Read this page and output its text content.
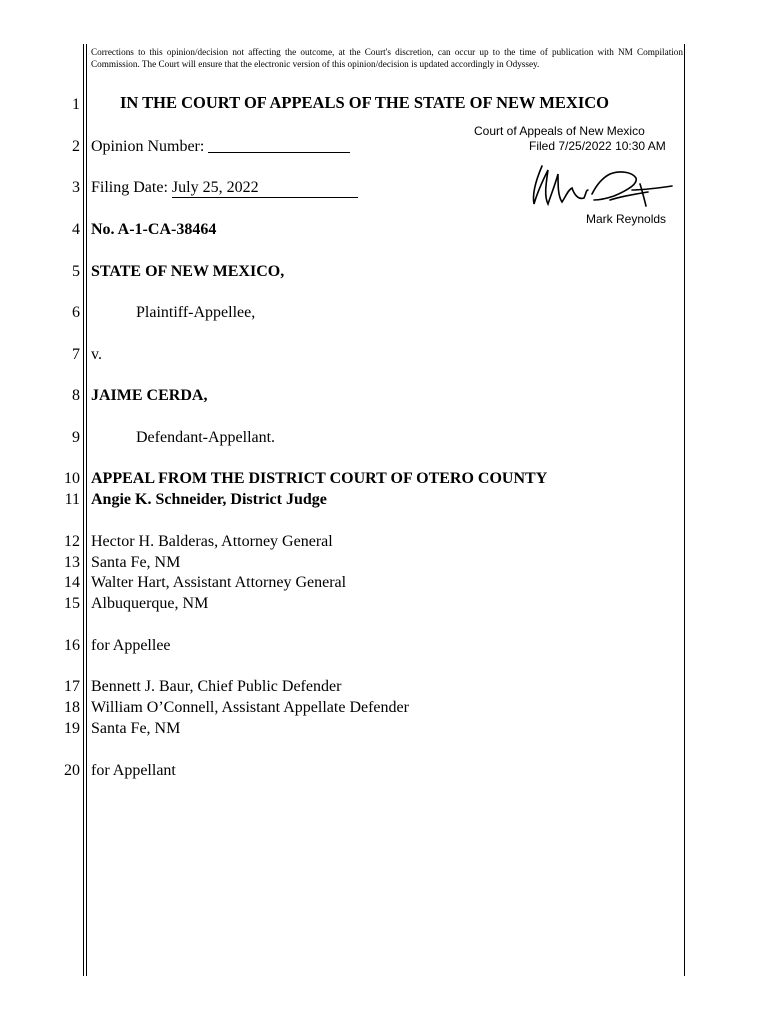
Corrections to this opinion/decision not affecting the outcome, at the Court's discretion, can occur up to the time of publication with NM Compilation Commission. The Court will ensure that the electronic version of this opinion/decision is updated accordingly in Odyssey.
Court of Appeals of New Mexico
Filed 7/25/2022 10:30 AM
Mark Reynolds
1 IN THE COURT OF APPEALS OF THE STATE OF NEW MEXICO
2 Opinion Number:
3 Filing Date: July 25, 2022
4 No. A-1-CA-38464
5 STATE OF NEW MEXICO,
6	Plaintiff-Appellee,
7 v.
8 JAIME CERDA,
9	Defendant-Appellant.
10 APPEAL FROM THE DISTRICT COURT OF OTERO COUNTY
11 Angie K. Schneider, District Judge
12 Hector H. Balderas, Attorney General
13 Santa Fe, NM
14 Walter Hart, Assistant Attorney General
15 Albuquerque, NM
16 for Appellee
17 Bennett J. Baur, Chief Public Defender
18 William O’Connell, Assistant Appellate Defender
19 Santa Fe, NM
20 for Appellant
